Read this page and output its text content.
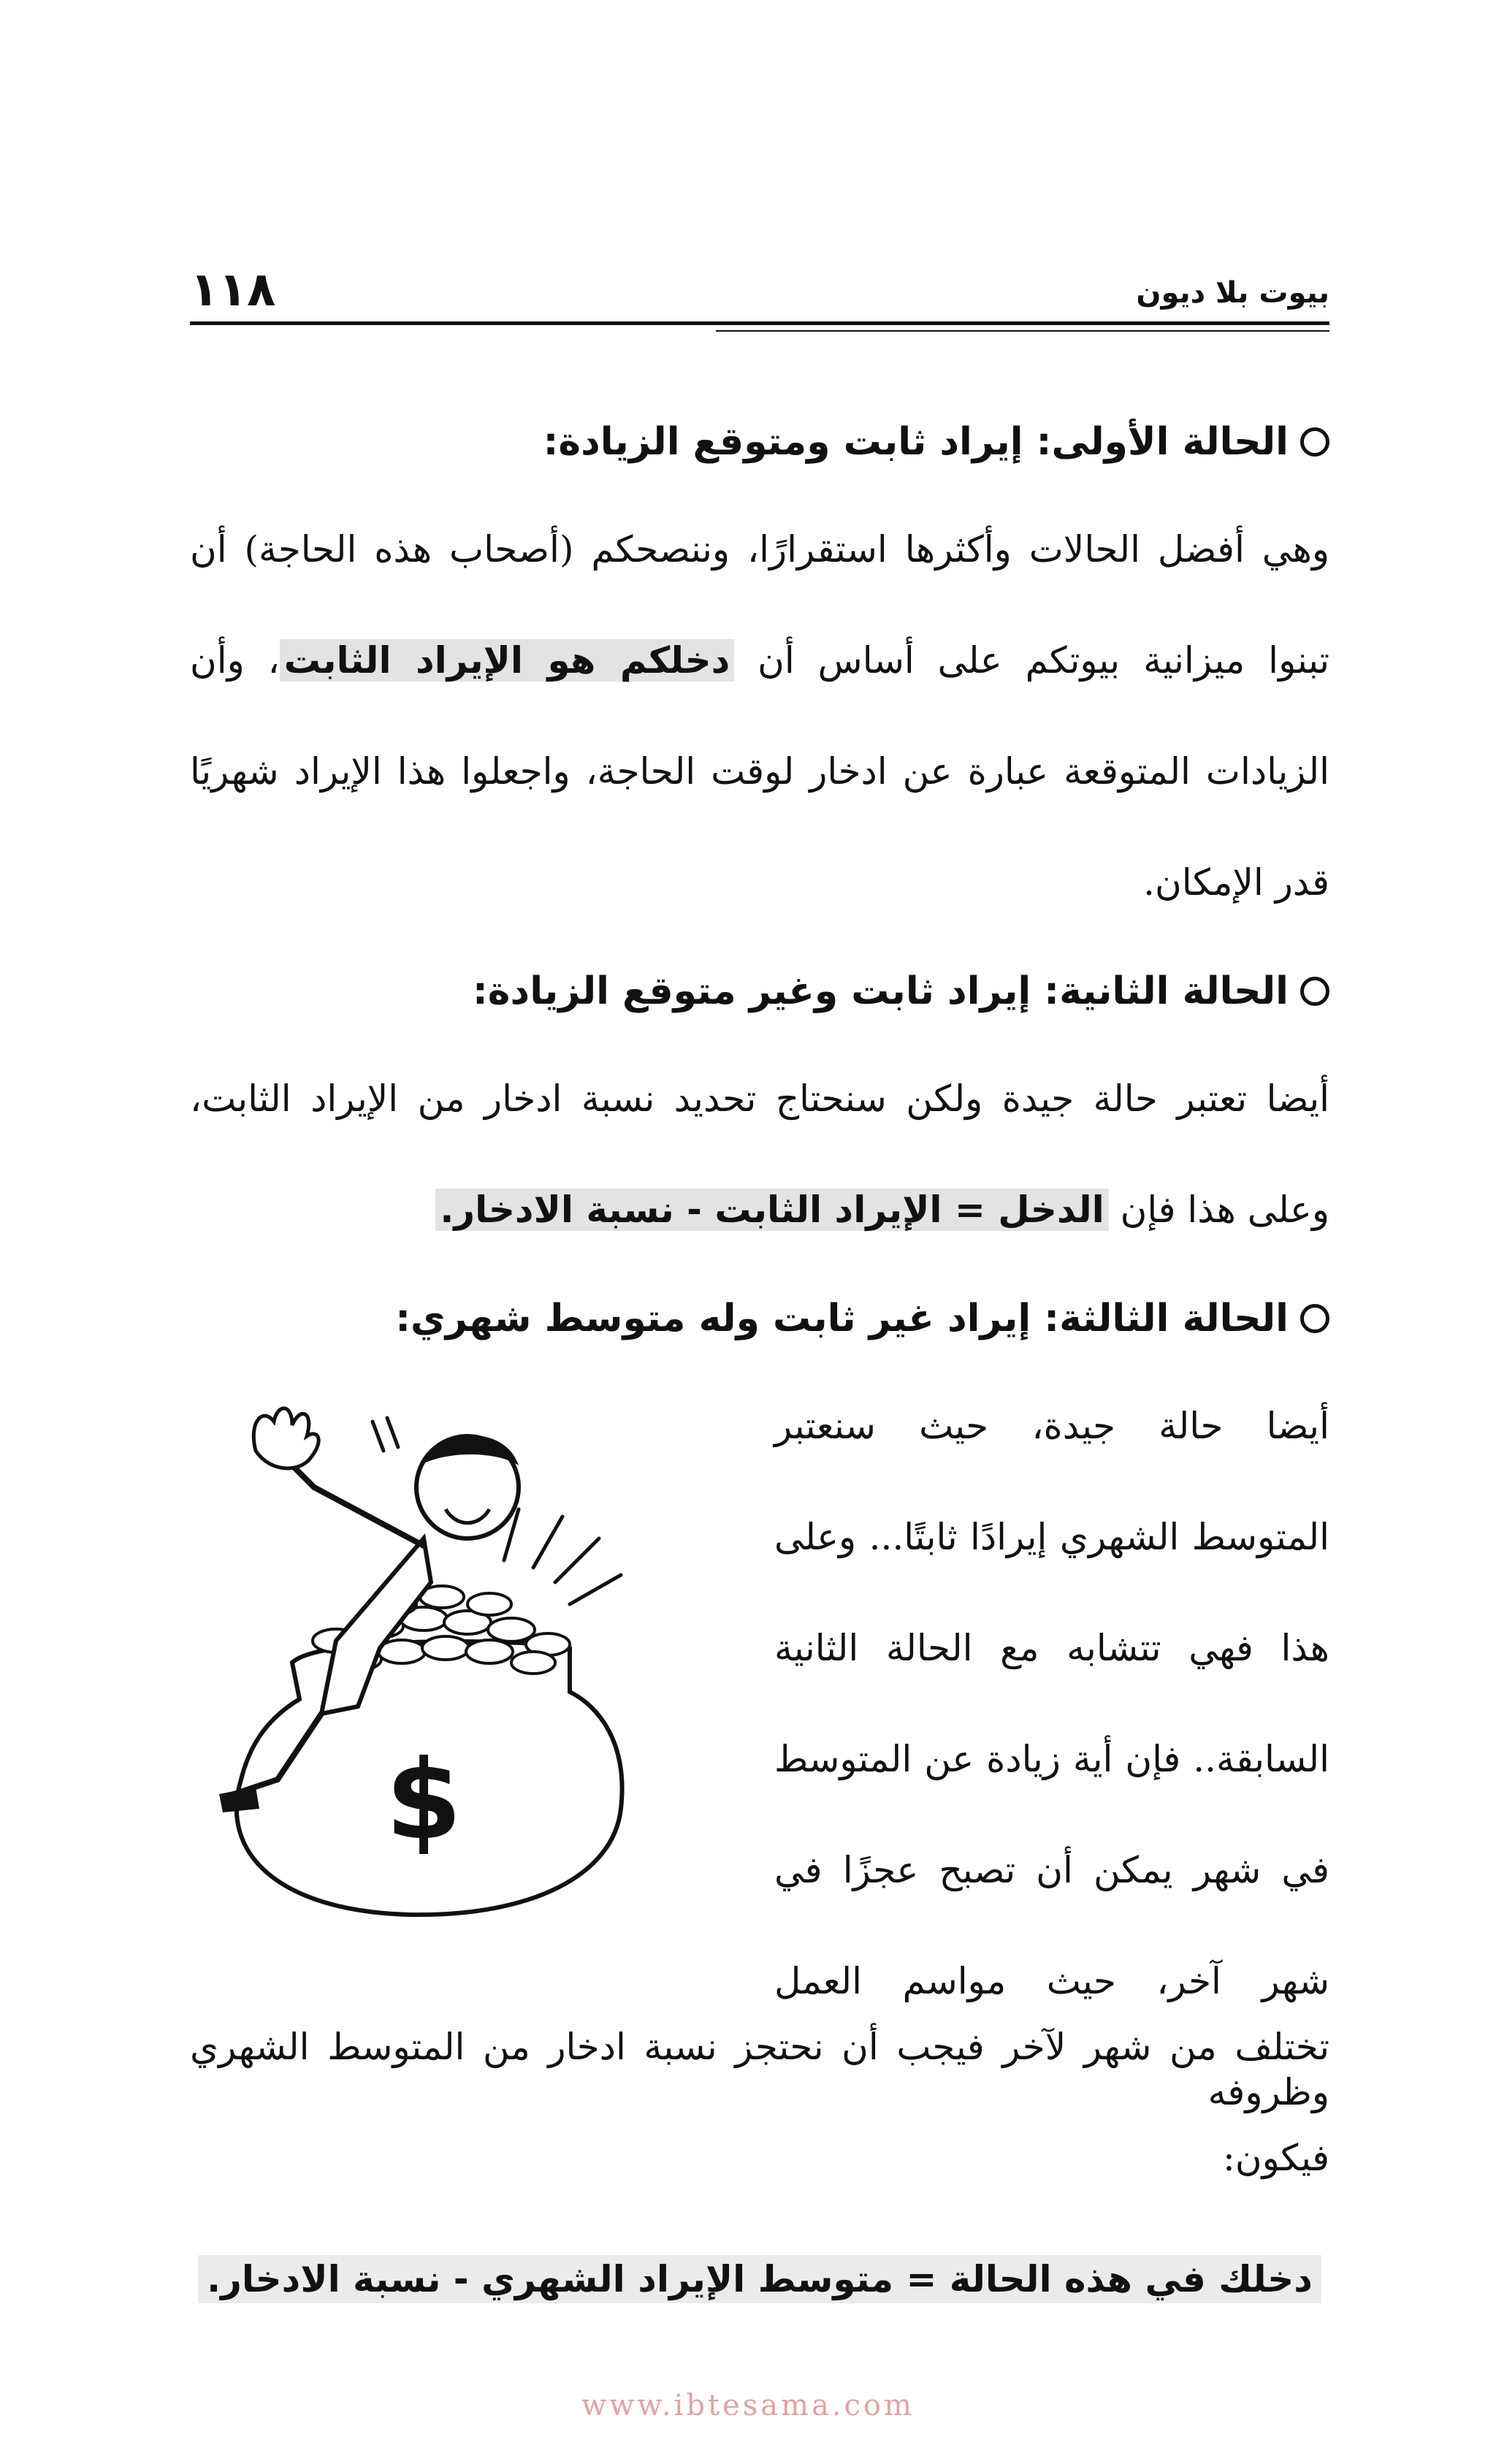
١١٨	بيوت بلا ديون
الحالة الأولى: إيراد ثابت ومتوقع الزيادة:

وهي أفضل الحالات وأكثرها استقرارًا، وننصحكم (أصحاب هذه الحاجة) أن تبنوا ميزانية بيوتكم على أساس أن دخلكم هو الإيراد الثابت، وأن الزيادات المتوقعة عبارة عن ادخار لوقت الحاجة، واجعلوا هذا الإيراد شهريًا قدر الإمكان.

الحالة الثانية: إيراد ثابت وغير متوقع الزيادة:

أيضا تعتبر حالة جيدة ولكن سنحتاج تحديد نسبة ادخار من الإيراد الثابت، وعلى هذا فإن الدخل = الإيراد الثابت - نسبة الادخار.

الحالة الثالثة: إيراد غير ثابت وله متوسط شهري:
أيضا حالة جيدة، حيث سنعتبر المتوسط الشهري إيرادًا ثابتًا... وعلى هذا فهي تتشابه مع الحالة الثانية السابقة.. فإن أية زيادة عن المتوسط في شهر يمكن أن تصبح عجزًا في شهر آخر، حيث مواسم العمل وظروفه
$

تختلف من شهر لآخر فيجب أن نحتجز نسبة ادخار من المتوسط الشهري فيكون:

دخلك في هذه الحالة = متوسط الإيراد الشهري - نسبة الادخار.
www.ibtesama.com
